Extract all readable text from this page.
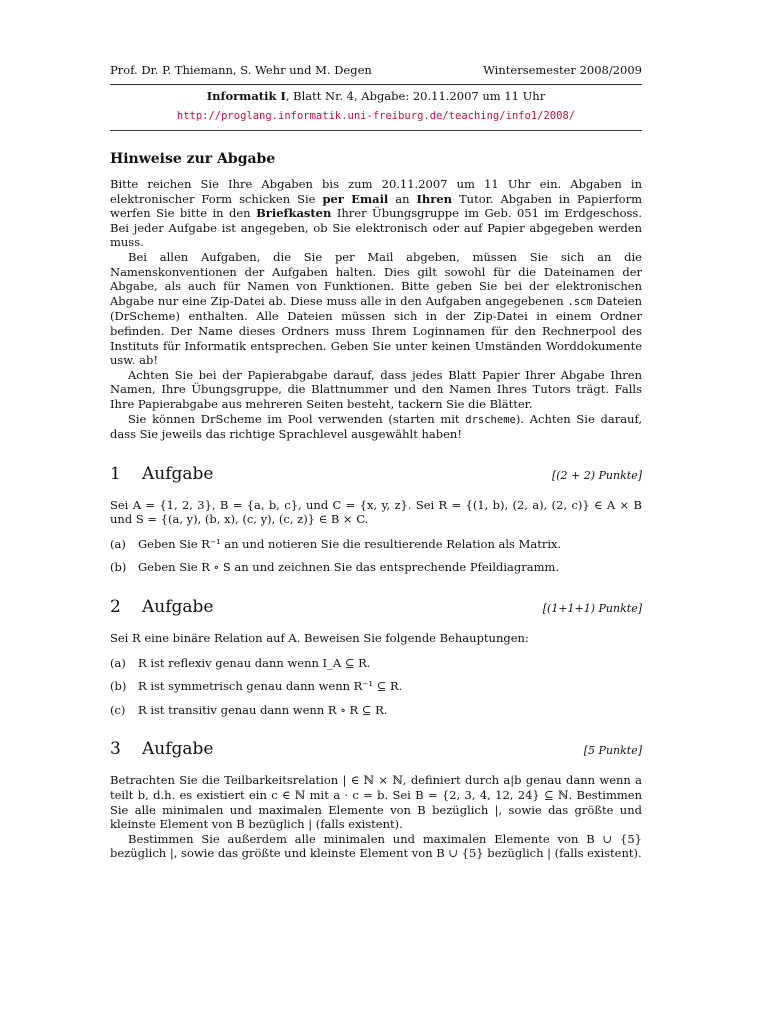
Prof. Dr. P. Thiemann, S. Wehr und M. Degen	Wintersemester 2008/2009
Informatik I, Blatt Nr. 4, Abgabe: 20.11.2007 um 11 Uhr
http://proglang.informatik.uni-freiburg.de/teaching/info1/2008/
Hinweise zur Abgabe

Bitte reichen Sie Ihre Abgaben bis zum 20.11.2007 um 11 Uhr ein. Abgaben in elektronischer Form schicken Sie per Email an Ihren Tutor. Abgaben in Papierform werfen Sie bitte in den Briefkasten Ihrer Übungsgruppe im Geb. 051 im Erdgeschoss. Bei jeder Aufgabe ist angegeben, ob Sie elektronisch oder auf Papier abgegeben werden muss.

Bei allen Aufgaben, die Sie per Mail abgeben, müssen Sie sich an die Namenskonventionen der Aufgaben halten. Dies gilt sowohl für die Dateinamen der Abgabe, als auch für Namen von Funktionen. Bitte geben Sie bei der elektronischen Abgabe nur eine Zip-Datei ab. Diese muss alle in den Aufgaben angegebenen .scm Dateien (DrScheme) enthalten. Alle Dateien müssen sich in der Zip-Datei in einem Ordner befinden. Der Name dieses Ordners muss Ihrem Loginnamen für den Rechnerpool des Instituts für Informatik entsprechen. Geben Sie unter keinen Umständen Worddokumente usw. ab!

Achten Sie bei der Papierabgabe darauf, dass jedes Blatt Papier Ihrer Abgabe Ihren Namen, Ihre Übungsgruppe, die Blattnummer und den Namen Ihres Tutors trägt. Falls Ihre Papierabgabe aus mehreren Seiten besteht, tackern Sie die Blätter.

Sie können DrScheme im Pool verwenden (starten mit drscheme). Achten Sie darauf, dass Sie jeweils das richtige Sprachlevel ausgewählt haben!

1	Aufgabe	[(2 + 2) Punkte]

Sei A = {1, 2, 3}, B = {a, b, c}, und C = {x, y, z}. Sei R = {(1, b), (2, a), (2, c)} ∈ A × B und S = {(a, y), (b, x), (c, y), (c, z)} ∈ B × C.

(a)	Geben Sie R⁻¹ an und notieren Sie die resultierende Relation als Matrix.
(b)	Geben Sie R ∘ S an und zeichnen Sie das entsprechende Pfeildiagramm.
2	Aufgabe	[(1+1+1) Punkte]

Sei R eine binäre Relation auf A. Beweisen Sie folgende Behauptungen:

(a)	R ist reflexiv genau dann wenn I_A ⊆ R.
(b)	R ist symmetrisch genau dann wenn R⁻¹ ⊆ R.
(c)	R ist transitiv genau dann wenn R ∘ R ⊆ R.
3	Aufgabe	[5 Punkte]

Betrachten Sie die Teilbarkeitsrelation | ∈ ℕ × ℕ, definiert durch a|b genau dann wenn a teilt b, d.h. es existiert ein c ∈ ℕ mit a · c = b. Sei B = {2, 3, 4, 12, 24} ⊆ ℕ. Bestimmen Sie alle minimalen und maximalen Elemente von B bezüglich |, sowie das größte und kleinste Element von B bezüglich | (falls existent).

Bestimmen Sie außerdem alle minimalen und maximalen Elemente von B ∪ {5} bezüglich |, sowie das größte und kleinste Element von B ∪ {5} bezüglich | (falls existent).
